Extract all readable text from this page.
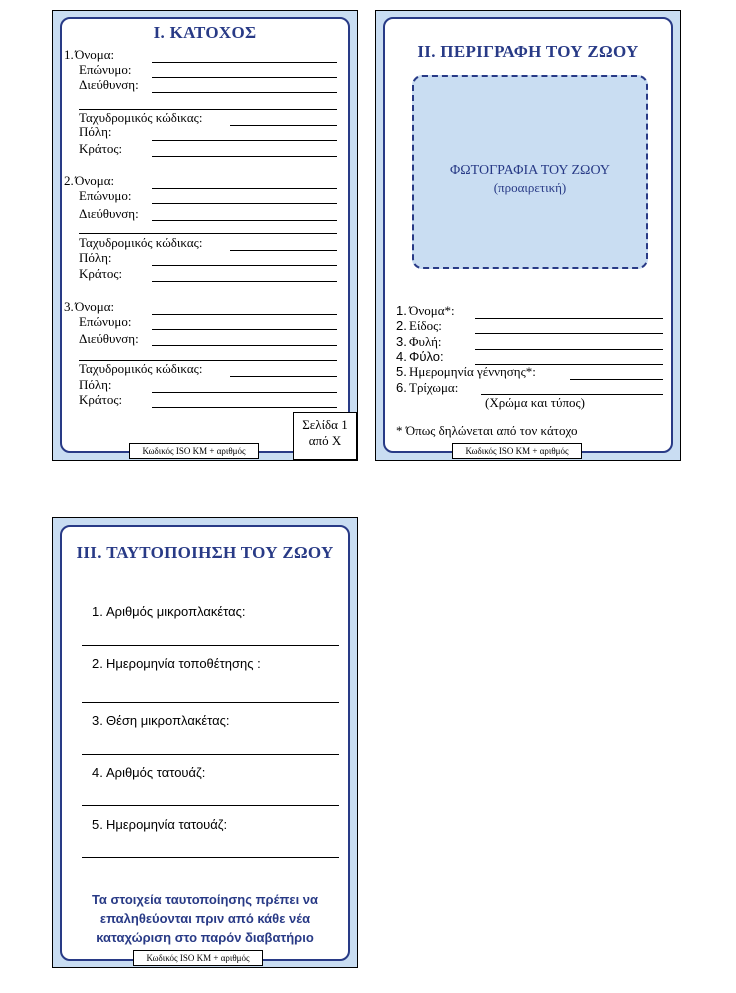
I. ΚΑΤΟΧΟΣ
1. Όνομα:
Επώνυμο:
Διεύθυνση:
Ταχυδρομικός κώδικας:
Πόλη:
Κράτος:
2. Όνομα:
Επώνυμο:
Διεύθυνση:
Ταχυδρομικός κώδικας:
Πόλη:
Κράτος:
3. Όνομα:
Επώνυμο:
Διεύθυνση:
Ταχυδρομικός κώδικας:
Πόλη:
Κράτος:
Σελίδα 1
από X
Κωδικός ISO KM + αριθμός
II. ΠΕΡΙΓΡΑΦΗ ΤΟΥ ΖΩΟΥ
ΦΩΤΟΓΡΑΦΙΑ ΤΟΥ ΖΩΟΥ
(προαιρετική)
1. Όνομα*:
2. Είδος:
3. Φυλή:
4. Φύλο:
5. Ημερομηνία γέννησης*:
6. Τρίχωμα:
(Χρώμα και τύπος)
* Όπως δηλώνεται από τον κάτοχο
Κωδικός ISO KM + αριθμός
III. ΤΑΥΤΟΠΟΙΗΣΗ ΤΟΥ ΖΩΟΥ
1. Αριθμός μικροπλακέτας:
2. Ημερομηνία τοποθέτησης :
3. Θέση μικροπλακέτας:
4. Αριθμός τατουάζ:
5. Ημερομηνία τατουάζ:
Τα στοιχεία ταυτοποίησης πρέπει να
επαληθεύονται πριν από κάθε νέα
καταχώριση στο παρόν διαβατήριο
Κωδικός ISO KM + αριθμός
